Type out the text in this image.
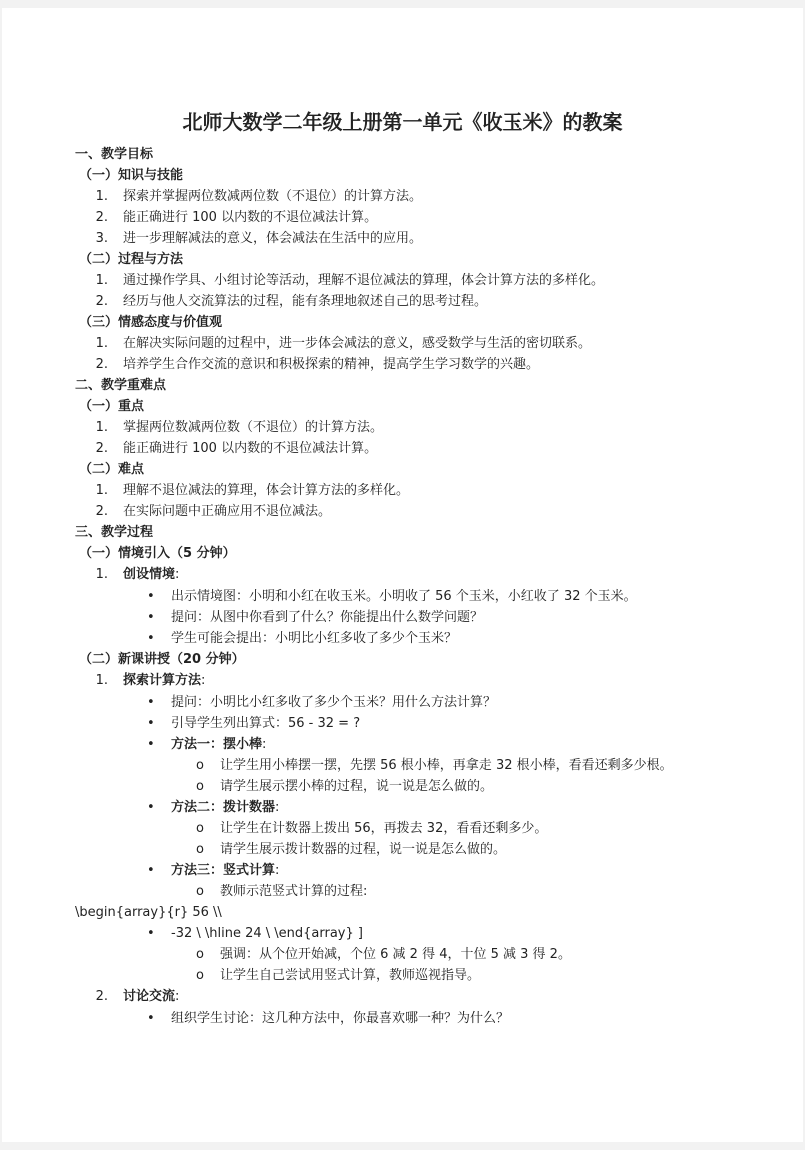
北师大数学二年级上册第一单元《收玉米》的教案
一、教学目标
（一）知识与技能
1. 探索并掌握两位数减两位数（不退位）的计算方法。
2. 能正确进行 100 以内数的不退位减法计算。
3. 进一步理解减法的意义，体会减法在生活中的应用。
（二）过程与方法
1. 通过操作学具、小组讨论等活动，理解不退位减法的算理，体会计算方法的多样化。
2. 经历与他人交流算法的过程，能有条理地叙述自己的思考过程。
（三）情感态度与价值观
1. 在解决实际问题的过程中，进一步体会减法的意义，感受数学与生活的密切联系。
2. 培养学生合作交流的意识和积极探索的精神，提高学生学习数学的兴趣。
二、教学重难点
（一）重点
1. 掌握两位数减两位数（不退位）的计算方法。
2. 能正确进行 100 以内数的不退位减法计算。
（二）难点
1. 理解不退位减法的算理，体会计算方法的多样化。
2. 在实际问题中正确应用不退位减法。
三、教学过程
（一）情境引入（5 分钟）
1. 创设情境:
• 出示情境图：小明和小红在收玉米。小明收了 56 个玉米，小红收了 32 个玉米。
• 提问：从图中你看到了什么？你能提出什么数学问题？
• 学生可能会提出：小明比小红多收了多少个玉米？
（二）新课讲授（20 分钟）
1. 探索计算方法:
• 提问：小明比小红多收了多少个玉米？用什么方法计算？
• 引导学生列出算式：56 - 32 = ?
• 方法一：摆小棒:
o 让学生用小棒摆一摆，先摆 56 根小棒，再拿走 32 根小棒，看看还剩多少根。
o 请学生展示摆小棒的过程，说一说是怎么做的。
• 方法二：拨计数器:
o 让学生在计数器上拨出 56，再拨去 32，看看还剩多少。
o 请学生展示拨计数器的过程，说一说是怎么做的。
• 方法三：竖式计算:
o 教师示范竖式计算的过程:
\begin{array}{r} 56 \\
• -32 \ \hline 24 \ \end{array} ]
o 强调：从个位开始减，个位 6 减 2 得 4，十位 5 减 3 得 2。
o 让学生自己尝试用竖式计算，教师巡视指导。
2. 讨论交流:
• 组织学生讨论：这几种方法中，你最喜欢哪一种？为什么？
